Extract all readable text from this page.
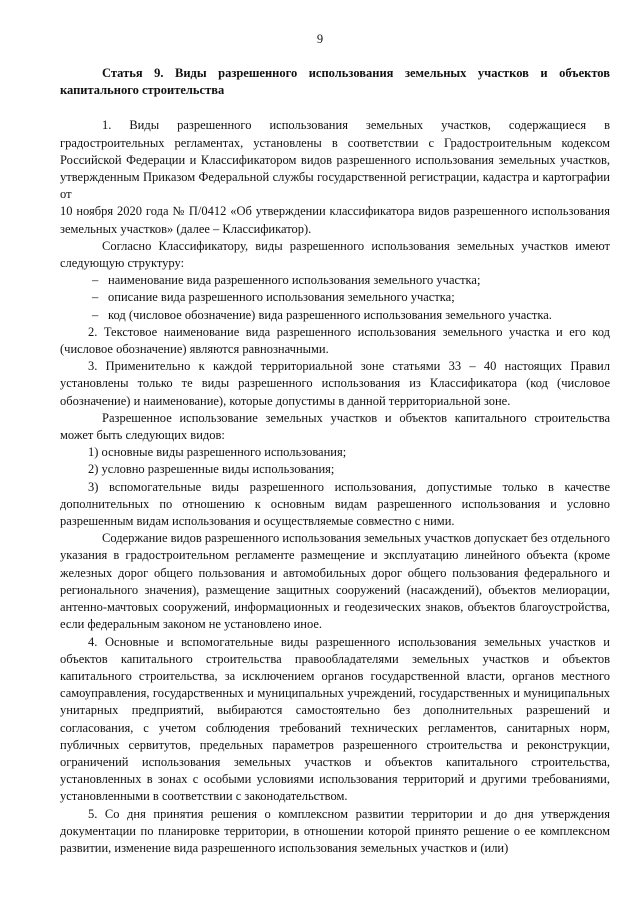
9

Статья 9. Виды разрешенного использования земельных участков и объектов капитального строительства

1. Виды разрешенного использования земельных участков, содержащиеся в градостроительных регламентах, установлены в соответствии с Градостроительным кодексом Российской Федерации и Классификатором видов разрешенного использования земельных участков, утвержденным Приказом Федеральной службы государственной регистрации, кадастра и картографии от

10 ноября 2020 года № П/0412 «Об утверждении классификатора видов разрешенного использования земельных участков» (далее – Классификатор).

Согласно Классификатору, виды разрешенного использования земельных участков имеют следующую структуру:

– наименование вида разрешенного использования земельного участка;

– описание вида разрешенного использования земельного участка;

– код (числовое обозначение) вида разрешенного использования земельного участка.

2. Текстовое наименование вида разрешенного использования земельного участка и его код (числовое обозначение) являются равнозначными.

3. Применительно к каждой территориальной зоне статьями 33 – 40 настоящих Правил установлены только те виды разрешенного использования из Классификатора (код (числовое обозначение) и наименование), которые допустимы в данной территориальной зоне.

Разрешенное использование земельных участков и объектов капитального строительства может быть следующих видов:

1) основные виды разрешенного использования;

2) условно разрешенные виды использования;

3) вспомогательные виды разрешенного использования, допустимые только в качестве дополнительных по отношению к основным видам разрешенного использования и условно разрешенным видам использования и осуществляемые совместно с ними.

Содержание видов разрешенного использования земельных участков допускает без отдельного указания в градостроительном регламенте размещение и эксплуатацию линейного объекта (кроме железных дорог общего пользования и автомобильных дорог общего пользования федерального и регионального значения), размещение защитных сооружений (насаждений), объектов мелиорации, антенно-мачтовых сооружений, информационных и геодезических знаков, объектов благоустройства, если федеральным законом не установлено иное.

4. Основные и вспомогательные виды разрешенного использования земельных участков и объектов капитального строительства правообладателями земельных участков и объектов капитального строительства, за исключением органов государственной власти, органов местного самоуправления, государственных и муниципальных учреждений, государственных и муниципальных унитарных предприятий, выбираются самостоятельно без дополнительных разрешений и согласования, с учетом соблюдения требований технических регламентов, санитарных норм, публичных сервитутов, предельных параметров разрешенного строительства и реконструкции, ограничений использования земельных участков и объектов капитального строительства, установленных в зонах с особыми условиями использования территорий и другими требованиями, установленными в соответствии с законодательством.

5. Со дня принятия решения о комплексном развитии территории и до дня утверждения документации по планировке территории, в отношении которой принято решение о ее комплексном развитии, изменение вида разрешенного использования земельных участков и (или)
